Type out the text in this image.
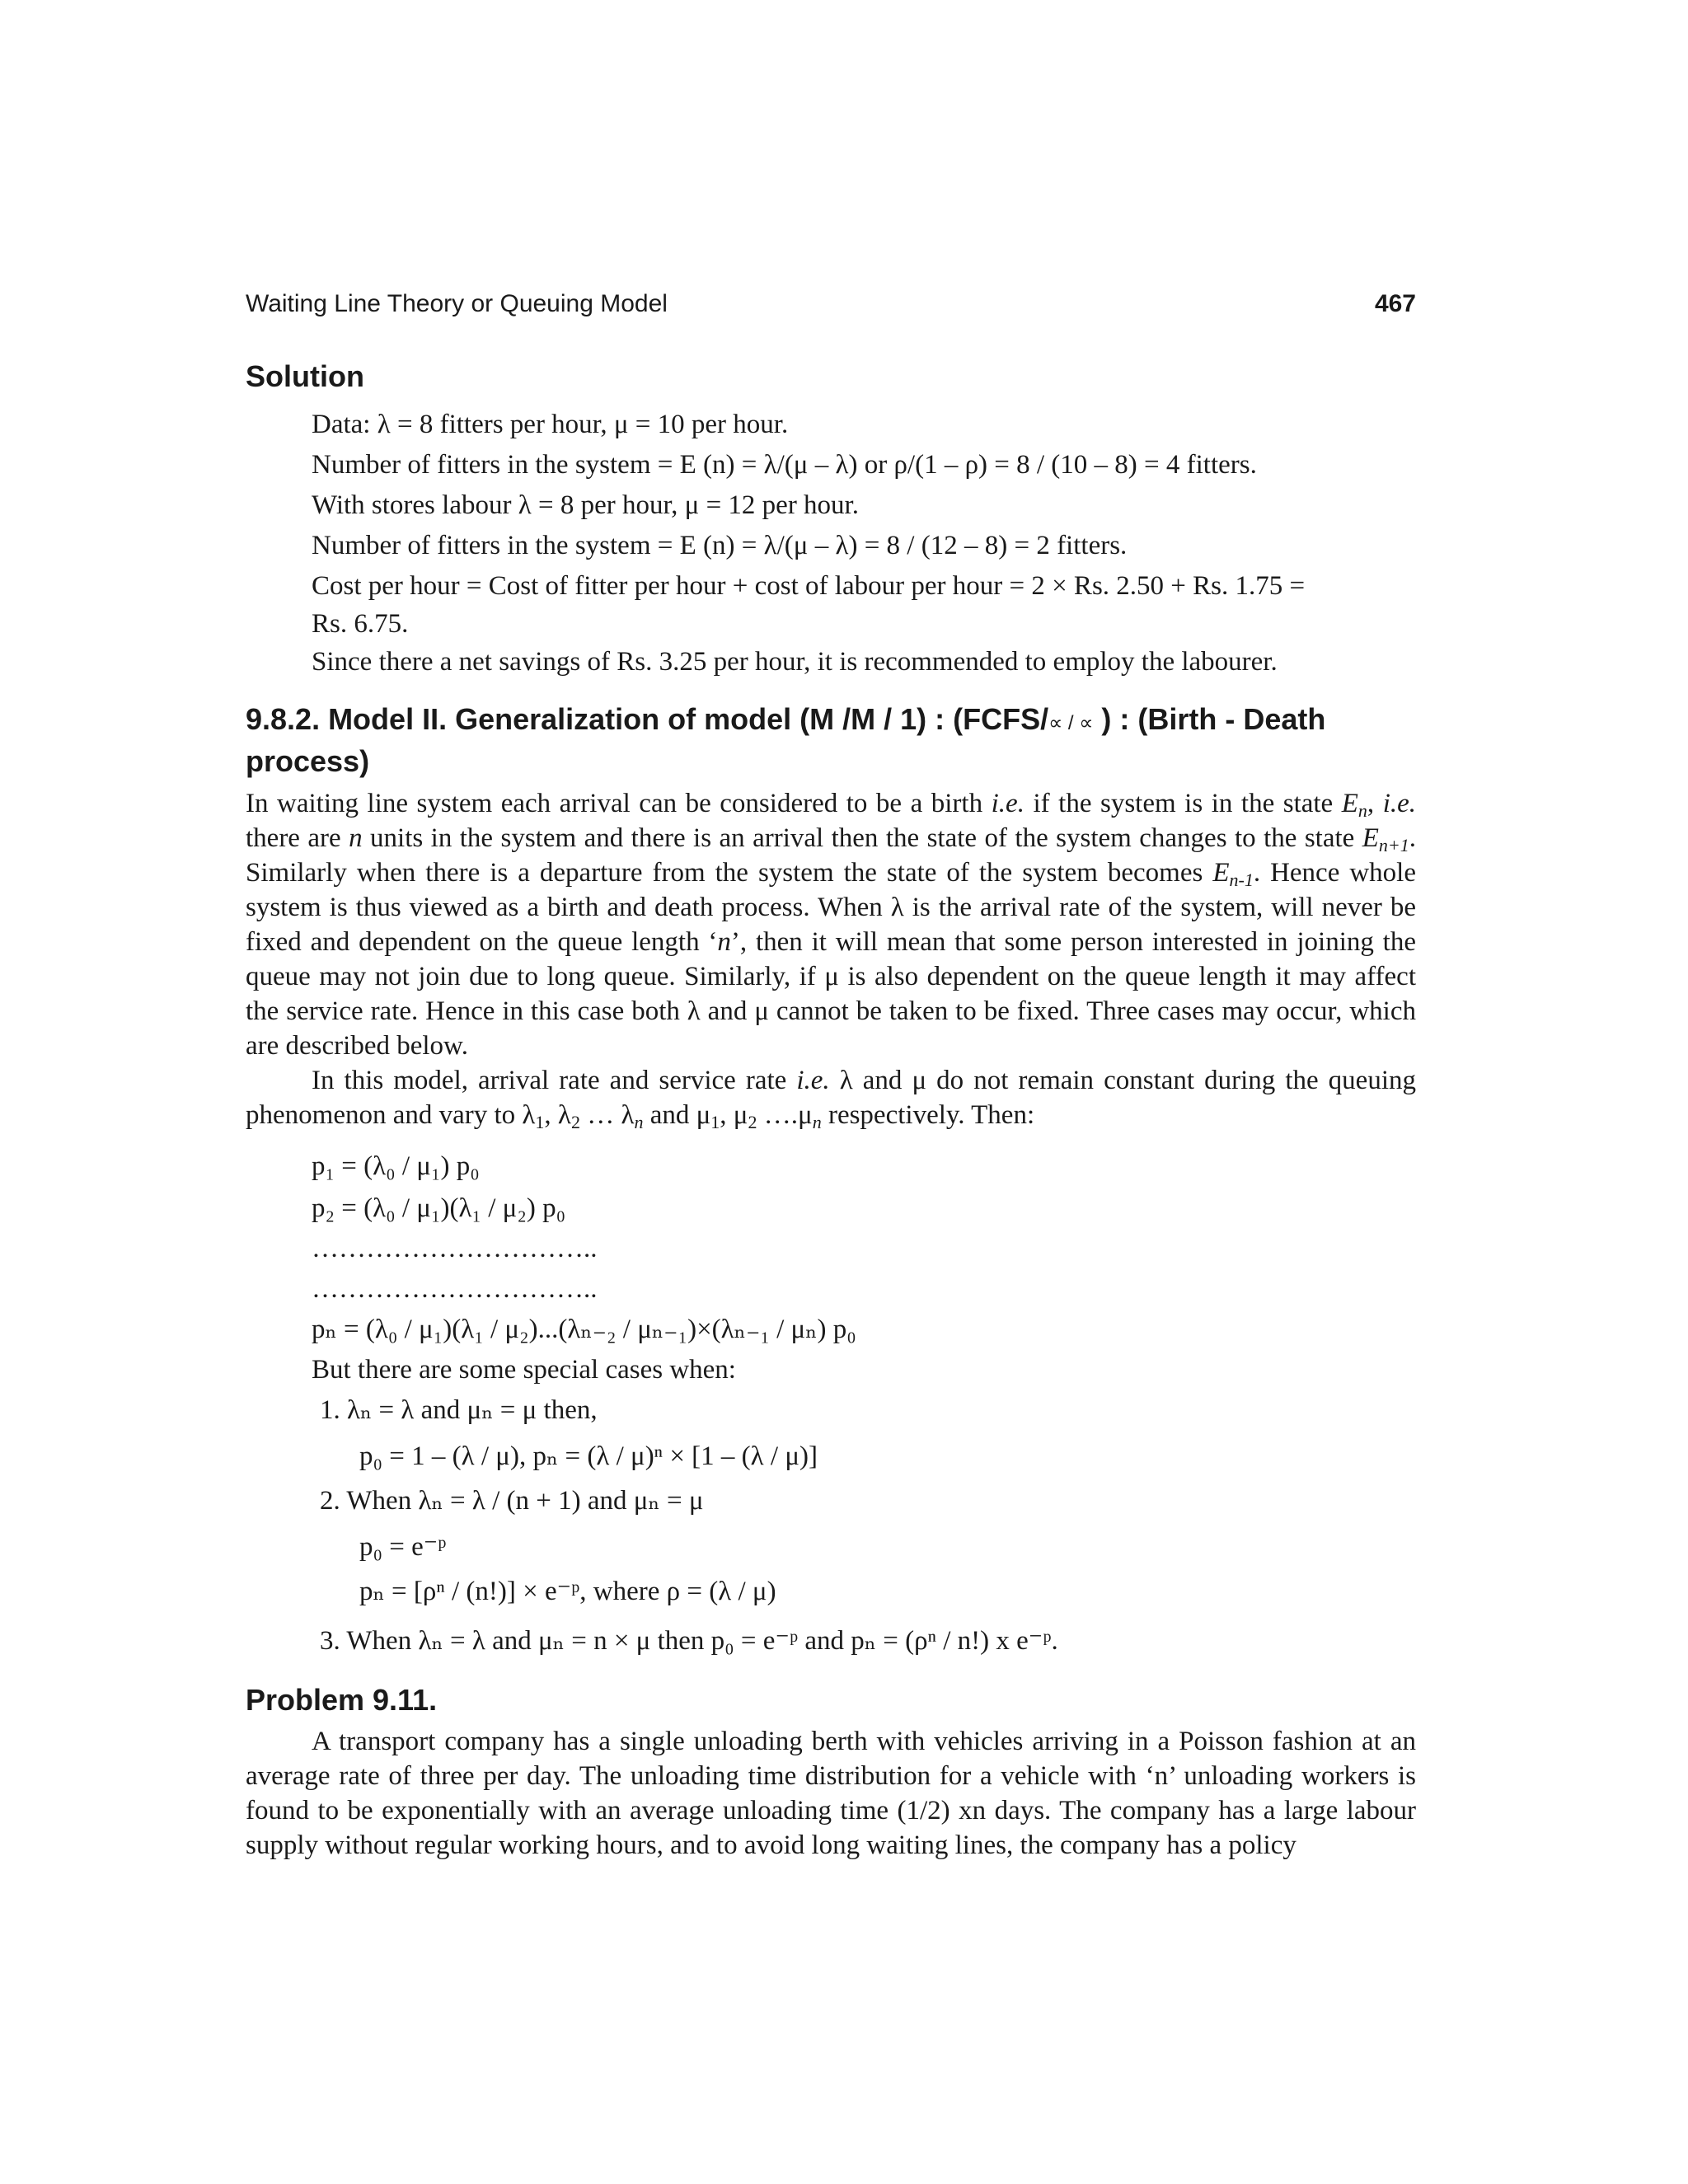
Waiting Line Theory or Queuing Model	467
Solution
Data: λ = 8 fitters per hour, μ = 10 per hour.
Number of fitters in the system = E (n) = λ/(μ – λ) or ρ/(1 – ρ) = 8 / (10 – 8) = 4 fitters.
With stores labour λ = 8 per hour, μ = 12 per hour.
Number of fitters in the system = E (n) = λ/(μ – λ) = 8 / (12 – 8) = 2 fitters.
Cost per hour = Cost of fitter per hour + cost of labour per hour = 2 × Rs. 2.50 + Rs. 1.75 =
Rs. 6.75.
Since there a net savings of Rs. 3.25 per hour, it is recommended to employ the labourer.
9.8.2. Model II. Generalization of model (M /M / 1) : (FCFS/∝ / ∝ ) : (Birth - Death
process)
In waiting line system each arrival can be considered to be a birth i.e. if the system is in the state $E_n$, i.e. there are n units in the system and there is an arrival then the state of the system changes to the state $E_{n+1}$. Similarly when there is a departure from the system the state of the system becomes $E_{n-1}$. Hence whole system is thus viewed as a birth and death process. When λ is the arrival rate of the system, will never be fixed and dependent on the queue length ‘n’, then it will mean that some person interested in joining the queue may not join due to long queue. Similarly, if μ is also dependent on the queue length it may affect the service rate. Hence in this case both λ and μ cannot be taken to be fixed. Three cases may occur, which are described below.
In this model, arrival rate and service rate i.e. λ and μ do not remain constant during the queuing phenomenon and vary to $\lambda_1$, $\lambda_2$ … $\lambda_n$ and $\mu_1$, $\mu_2$ $\dots.\mu_n$ respectively. Then:
p₁ = (λ₀ / μ₁) p₀
p₂ = (λ₀ / μ₁)(λ₁ / μ₂) p₀
…………………………..
…………………………..
pₙ = (λ₀ / μ₁)(λ₁ / μ₂)...(λₙ₋₂ / μₙ₋₁)×(λₙ₋₁ / μₙ) p₀
But there are some special cases when:
1. λₙ = λ and μₙ = μ then,
p₀ = 1 – (λ / μ), pₙ = (λ / μ)ⁿ × [1 – (λ / μ)]
2. When λₙ = λ / (n + 1) and μₙ = μ
p₀ = e⁻ᵖ
pₙ = [ρⁿ / (n!)] × e⁻ᵖ, where ρ = (λ / μ)
3. When λₙ = λ and μₙ = n × μ then p₀ = e⁻ᵖ and pₙ = (ρⁿ / n!) x e⁻ᵖ.
Problem 9.11.
A transport company has a single unloading berth with vehicles arriving in a Poisson fashion at an average rate of three per day. The unloading time distribution for a vehicle with ‘n’ unloading workers is found to be exponentially with an average unloading time (1/2) xn days. The company has a large labour supply without regular working hours, and to avoid long waiting lines, the company has a policy
